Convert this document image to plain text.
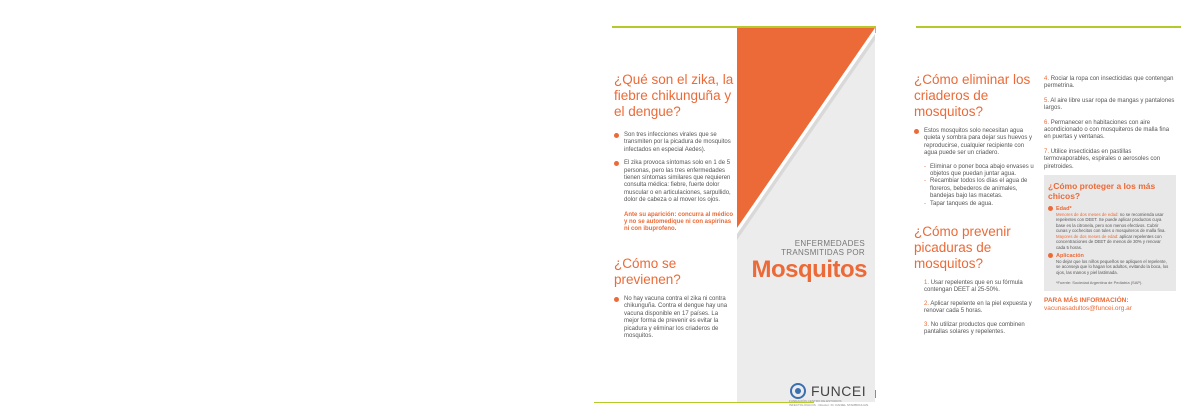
¿Qué son el zika, la fiebre chikunguña y el dengue?

Son tres infecciones virales que se transmiten por la picadura de mosquitos infectados en especial Aedes).

El zika provoca síntomas solo en 1 de 5 personas, pero las tres enfermedades tienen síntomas similares que requieren consulta médica: fiebre, fuerte dolor muscular o en articulaciones, sarpullido, dolor de cabeza o al mover los ojos.

Ante su aparición: concurra al médico y no se automedique ni con aspirinas ni con ibuprofeno.

¿Cómo se previenen?

No hay vacuna contra el zika ni contra chikunguña. Contra el dengue hay una vacuna disponible en 17 países. La mejor forma de prevenir es evitar la picadura y eliminar los criaderos de mosquitos.

ENFERMEDADES
TRANSMITIDAS POR
Mosquitos
FUNCEI
FUNDACIÓN CENTRO DE ESTUDIOS INFECTOLÓGICOS · Director: Dr. DANIEL STAMBOULIAN
¿Cómo eliminar los criaderos de mosquitos?

Estos mosquitos solo necesitan agua quieta y sombra para dejar sus huevos y reproducirse, cualquier recipiente con agua puede ser un criadero.

- Eliminar o poner boca abajo envases u objetos que puedan juntar agua.

- Recambiar todos los días el agua de floreros, bebederos de animales, bandejas bajo las macetas.

- Tapar tanques de agua.

¿Cómo prevenir picaduras de mosquitos?

1. Usar repelentes que en su fórmula contengan DEET al 25-50%.

2. Aplicar repelente en la piel expuesta y renovar cada 5 horas.

3. No utilizar productos que combinen pantallas solares y repelentes.

4. Rociar la ropa con insecticidas que contengan permetrina.

5. Al aire libre usar ropa de mangas y pantalones largos.

6. Permanecer en habitaciones con aire acondicionado o con mosquiteros de malla fina en puertas y ventanas.

7. Utilice insecticidas en pastillas termovaporables, espirales o aerosoles con piretroides.

¿Cómo proteger a los más chicos?
Edad*

Menores de dos meses de edad: no se recomienda usar repelentes con DEET. Se puede aplicar productos cuya base es la citronela, pero son menos efectivos. Cubrir cunas y cochecitos con tules o mosquiteros de malla fina.

Mayores de dos meses de edad: aplicar repelentes con concentraciones de DEET de menos de 30% y renovar cada 5 horas.

Aplicación

No dejar que los niños pequeños se apliquen el repelente, se aconseja que lo hagan los adultos, evitando la boca, los ojos, las manos y piel lastimada.

*Fuente: Sociedad Argentina de Pediatría (SAP).

PARA MÁS INFORMACIÓN:

vacunasadultos@funcei.org.ar
